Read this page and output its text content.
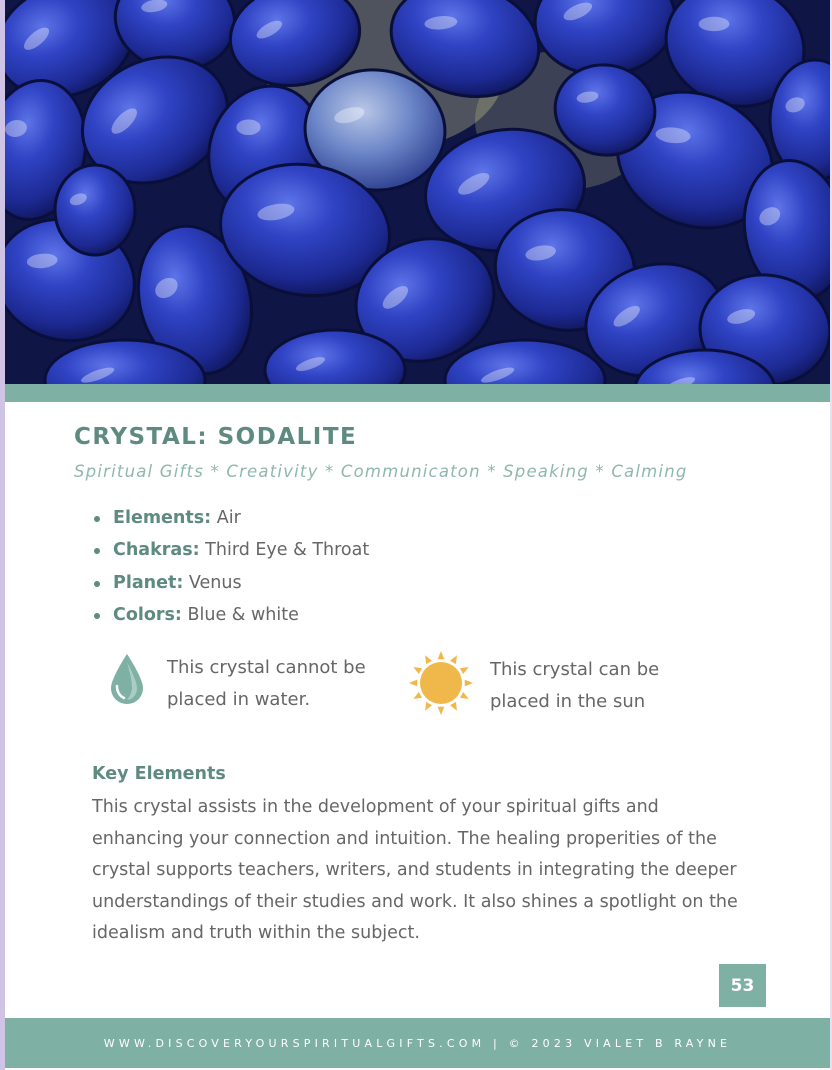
CRYSTAL: SODALITE
Spiritual Gifts * Creativity * Communicaton * Speaking * Calming
Elements: Air
Chakras: Third Eye & Throat
Planet: Venus
Colors: Blue & white
This crystal cannot be
placed in water.
This crystal can be
placed in the sun
Key Elements
This crystal assists in the development of your spiritual gifts and enhancing your connection and intuition. The healing properities of the crystal supports teachers, writers, and students in integrating the deeper understandings of their studies and work. It also shines a spotlight on the idealism and truth within the subject.
53
WWW.DISCOVERYOURSPIRITUALGIFTS.COM | © 2023 VIALET B RAYNE
